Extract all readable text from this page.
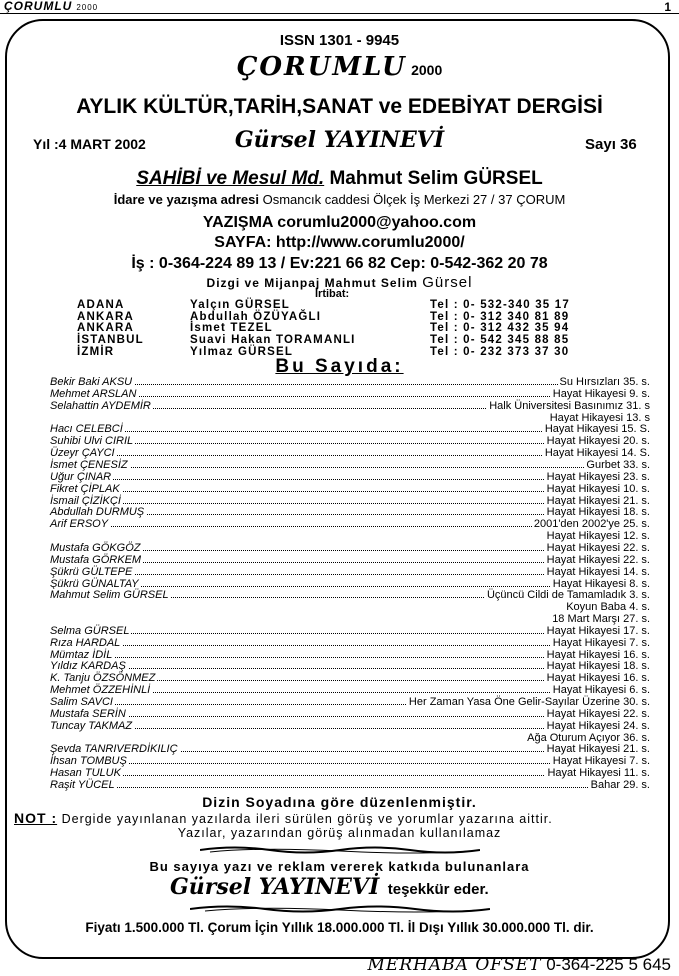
ÇORUMLU 2000	1
ISSN 1301 - 9945
ÇORUMLU 2000
AYLIK KÜLTÜR,TARİH,SANAT ve EDEBİYAT DERGİSİ
Yıl :4 MART 2002	Gürsel YAYINEVİ	Sayı 36
SAHİBİ ve Mesul Md. Mahmut Selim GÜRSEL
İdare ve yazışma adresi Osmancık caddesi Ölçek İş Merkezi 27 / 37 ÇORUM
YAZIŞMA corumlu2000@yahoo.com
SAYFA: http://www.corumlu2000/
İş : 0-364-224 89 13 / Ev:221 66 82 Cep: 0-542-362 20 78
Dizgi ve Mijanpaj Mahmut Selim Gürsel
İrtibat:
ADANA	Yalçın GÜRSEL	Tel : 0- 532-340 35 17
ANKARA	Abdullah ÖZÜYAĞLI	Tel : 0- 312 340 81 89
ANKARA	İsmet TEZEL	Tel : 0- 312 432 35 94
İSTANBUL	Suavi Hakan TORAMANLI	Tel : 0- 542 345 88 85
İZMİR	Yılmaz GÜRSEL	Tel : 0- 232 373 37 30
Bu Sayıda:
Bekir Baki AKSU	Su Hırsızları 35. s.
Mehmet ARSLAN	Hayat Hikayesi 9. s.
Selahattin AYDEMİR	Halk Üniversitesi Basınımız 31. s
Hayat Hikayesi 13. s
Hacı CELEBCİ	Hayat Hikayesi 15. S.
Suhibi Ulvi CIRIL	Hayat Hikayesi 20. s.
Üzeyr ÇAYCI	Hayat Hikayesi 14. S.
İsmet ÇENESİZ	Gurbet 33. s.
Uğur ÇINAR	Hayat Hikayesi 23. s.
Fikret ÇİPLAK	Hayat Hikayesi 10. s.
İsmail ÇİZİKÇİ	Hayat Hikayesi 21. s.
Abdullah DURMUŞ	Hayat Hikayesi 18. s.
Arif ERSOY	2001'den 2002'ye 25. s.
Hayat Hikayesi 12. s.
Mustafa GÖKGÖZ	Hayat Hikayesi 22. s.
Mustafa GÖRKEM	Hayat Hikayesi 22. s.
Şükrü GÜLTEPE	Hayat Hikayesi 14. s.
Şükrü GÜNALTAY	Hayat Hikayesi 8. s.
Mahmut Selim GÜRSEL	Üçüncü Cildi de Tamamladık 3. s.
Koyun Baba 4. s.
18 Mart Marşı 27. s.
Selma GÜRSEL	Hayat Hikayesi 17. s.
Rıza HARDAL	Hayat Hikayesi 7. s.
Mümtaz İDİL	Hayat Hikayesi 16. s.
Yıldız KARDAŞ	Hayat Hikayesi 18. s.
K. Tanju ÖZSÖNMEZ	Hayat Hikayesi 16. s.
Mehmet ÖZZEHİNLİ	Hayat Hikayesi 6. s.
Salim SAVCI	Her Zaman Yasa Öne Gelir-Sayılar Üzerine 30. s.
Mustafa SERİN	Hayat Hikayesi 22. s.
Tuncay TAKMAZ	Hayat Hikayesi 24. s.
Ağa Oturum Açıyor 36. s.
Şevda TANRIVERDİKILIÇ	Hayat Hikayesi 21. s.
İhsan TOMBUŞ	Hayat Hikayesi 7. s.
Hasan TULUK	Hayat Hikayesi 11. s.
Raşit YÜCEL	Bahar 29. s.
Dizin Soyadına göre düzenlenmiştir.
NOT : Dergide yayınlanan yazılarda ileri sürülen görüş ve yorumlar yazarına aittir.
Yazılar, yazarından görüş alınmadan kullanılamaz
Bu sayıya yazı ve reklam vererek katkıda bulunanlara
Gürsel YAYINEVİ teşekkür eder.
Fiyatı 1.500.000 Tl. Çorum İçin Yıllık 18.000.000 Tl. İl Dışı Yıllık 30.000.000 Tl. dir.
MERHABA OFSET 0-364-225 5 645
